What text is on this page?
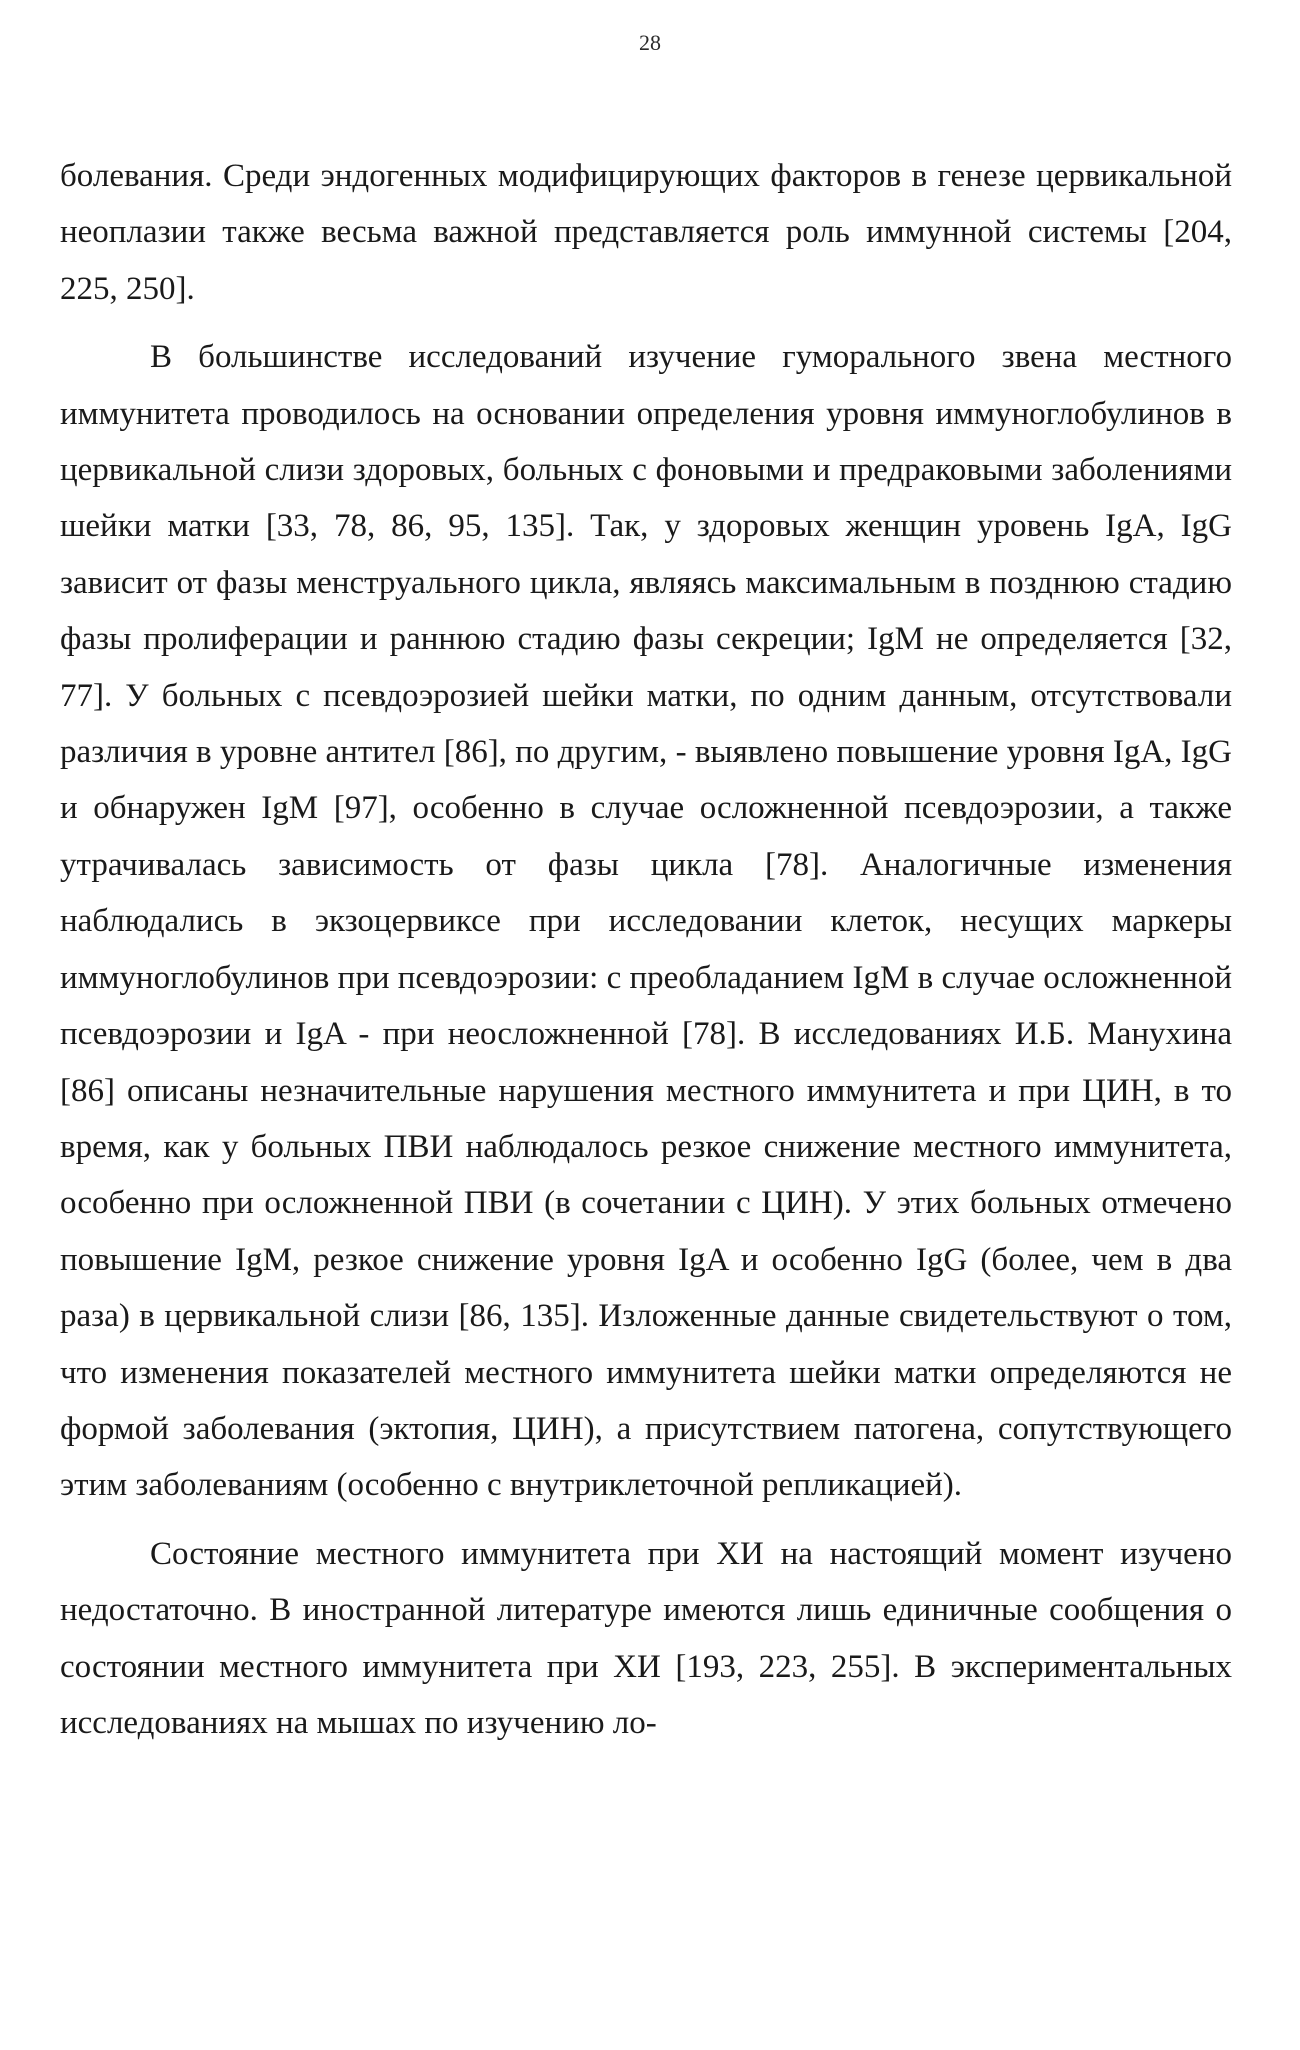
28

болевания. Среди эндогенных модифицирующих факторов в генезе цервикальной неоплазии также весьма важной представляется роль иммунной системы [204, 225, 250].

В большинстве исследований изучение гуморального звена местного иммунитета проводилось на основании определения уровня иммуноглобулинов в цервикальной слизи здоровых, больных с фоновыми и предраковыми заболениями шейки матки [33, 78, 86, 95, 135]. Так, у здоровых женщин уровень IgA, IgG зависит от фазы менструального цикла, являясь максимальным в позднюю стадию фазы пролиферации и раннюю стадию фазы секреции; IgM не определяется [32, 77]. У больных с псевдоэрозией шейки матки, по одним данным, отсутствовали различия в уровне антител [86], по другим, - выявлено повышение уровня IgA, IgG и обнаружен IgM [97], особенно в случае осложненной псевдоэрозии, а также утрачивалась зависимость от фазы цикла [78]. Аналогичные изменения наблюдались в экзоцервиксе при исследовании клеток, несущих маркеры иммуноглобулинов при псевдоэрозии: с преобладанием IgM в случае осложненной псевдоэрозии и IgA - при неосложненной [78]. В исследованиях И.Б. Манухина [86] описаны незначительные нарушения местного иммунитета и при ЦИН, в то время, как у больных ПВИ наблюдалось резкое снижение местного иммунитета, особенно при осложненной ПВИ (в сочетании с ЦИН). У этих больных отмечено повышение IgM, резкое снижение уровня IgA и особенно IgG (более, чем в два раза) в цервикальной слизи [86, 135]. Изложенные данные свидетельствуют о том, что изменения показателей местного иммунитета шейки матки определяются не формой заболевания (эктопия, ЦИН), а присутствием патогена, сопутствующего этим заболеваниям (особенно с внутриклеточной репликацией).

Состояние местного иммунитета при ХИ на настоящий момент изучено недостаточно. В иностранной литературе имеются лишь единичные сообщения о состоянии местного иммунитета при ХИ [193, 223, 255]. В экспериментальных исследованиях на мышах по изучению ло-
